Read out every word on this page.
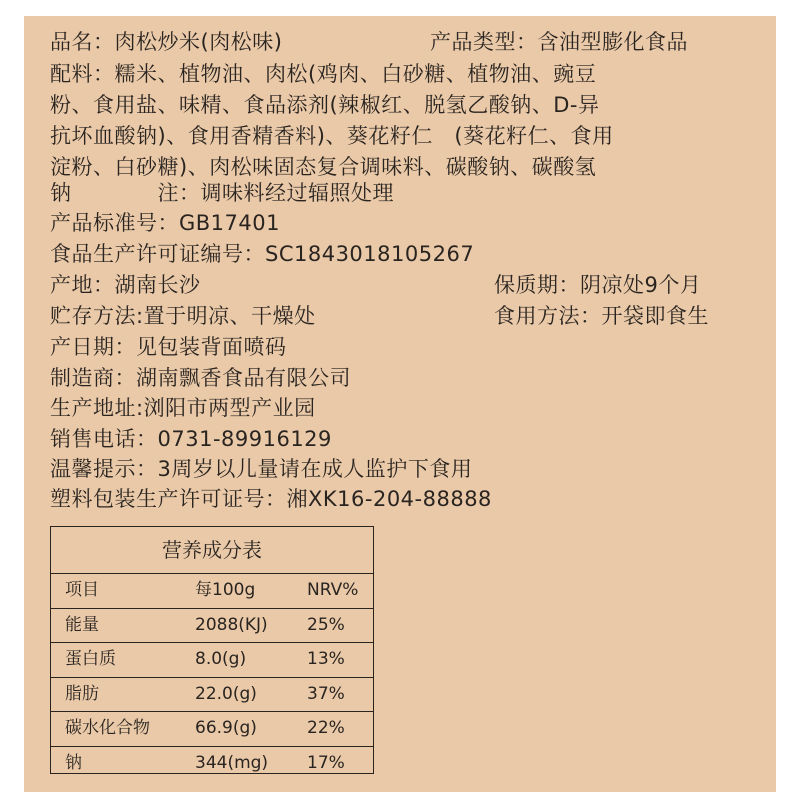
品名：肉松炒米(肉松味)	产品类型：含油型膨化食品
配料：糯米、植物油、肉松(鸡肉、白砂糖、植物油、豌豆
粉、食用盐、味精、食品添剂(辣椒红、脱氢乙酸钠、D-异
抗坏血酸钠)、食用香精香料)、葵花籽仁　(葵花籽仁、食用
淀粉、白砂糖)、肉松味固态复合调味料、碳酸钠、碳酸氢
钠　　　　注：调味料经过辐照处理
产品标准号：GB17401
食品生产许可证编号：SC1843018105267
产地：湖南长沙	保质期：阴凉处9个月
贮存方法:置于明凉、干燥处	食用方法：开袋即食生
产日期：见包装背面喷码
制造商：湖南飘香食品有限公司
生产地址:浏阳市两型产业园
销售电话：0731-89916129
温馨提示：3周岁以儿量请在成人监护下食用
塑料包装生产许可证号：湘XK16-204-88888
营养成分表
项目	每100g	NRV%
能量	2088(KJ) 25%
蛋白质	8.0(g)	13%
脂肪	22.0(g)	37%
碳水化合物	66.9(g)	22%
钠	344(mg) 17%
